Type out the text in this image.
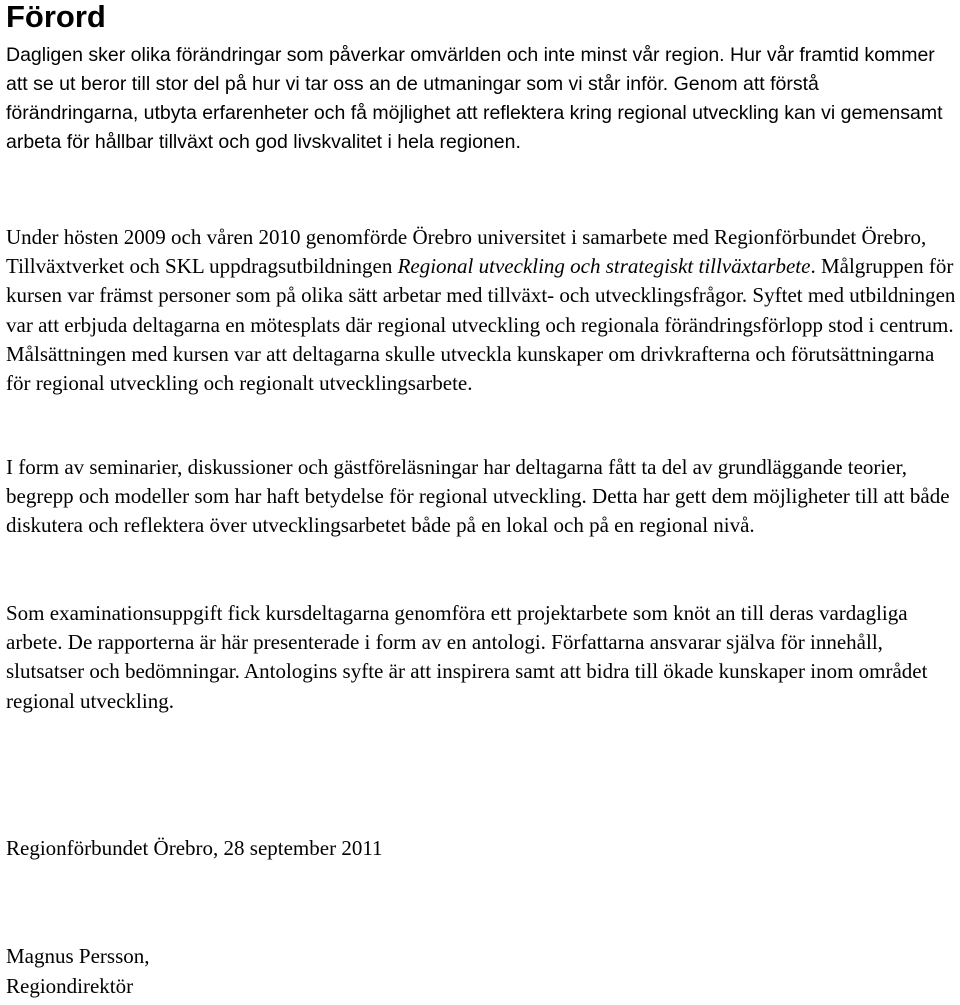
Förord

Dagligen sker olika förändringar som påverkar omvärlden och inte minst vår region. Hur vår framtid kommer att se ut beror till stor del på hur vi tar oss an de utmaningar som vi står inför. Genom att förstå förändringarna, utbyta erfarenheter och få möjlighet att reflektera kring regional utveckling kan vi gemensamt arbeta för hållbar tillväxt och god livskvalitet i hela regionen.

Under hösten 2009 och våren 2010 genomförde Örebro universitet i samarbete med Regionförbundet Örebro, Tillväxtverket och SKL uppdragsutbildningen Regional utveckling och strategiskt tillväxtarbete. Målgruppen för kursen var främst personer som på olika sätt arbetar med tillväxt- och utvecklingsfrågor. Syftet med utbildningen var att erbjuda deltagarna en mötesplats där regional utveckling och regionala förändringsförlopp stod i centrum. Målsättningen med kursen var att deltagarna skulle utveckla kunskaper om drivkrafterna och förutsättningarna för regional utveckling och regionalt utvecklingsarbete.

I form av seminarier, diskussioner och gästföreläsningar har deltagarna fått ta del av grundläggande teorier, begrepp och modeller som har haft betydelse för regional utveckling. Detta har gett dem möjligheter till att både diskutera och reflektera över utvecklingsarbetet både på en lokal och på en regional nivå.

Som examinationsuppgift fick kursdeltagarna genomföra ett projektarbete som knöt an till deras vardagliga arbete. De rapporterna är här presenterade i form av en antologi. Författarna ansvarar själva för innehåll, slutsatser och bedömningar. Antologins syfte är att inspirera samt att bidra till ökade kunskaper inom området regional utveckling.

Regionförbundet Örebro, 28 september 2011

Magnus Persson,

Regiondirektör
